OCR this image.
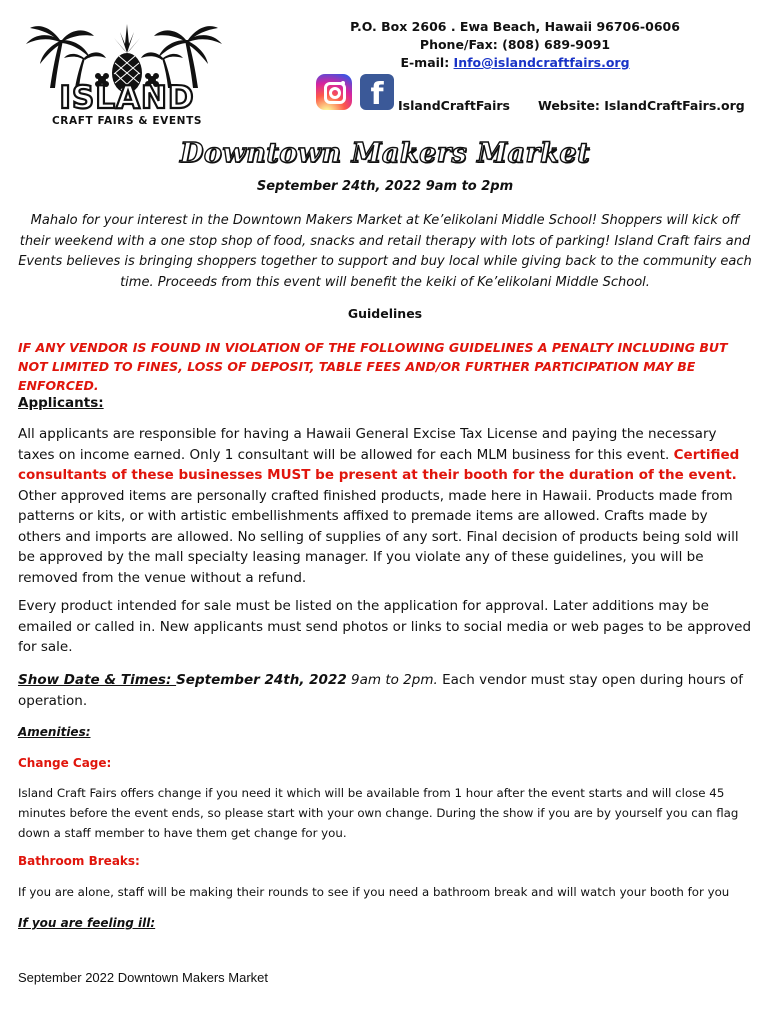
ISLAND
CRAFT FAIRS & EVENTS
P.O. Box 2606 . Ewa Beach, Hawaii 96706-0606
Phone/Fax: (808) 689-9091
E-mail: Info@islandcraftfairs.org
f IslandCraftFairs Website: IslandCraftFairs.org
Downtown Makers Market
September 24th, 2022 9am to 2pm
Mahalo for your interest in the Downtown Makers Market at Ke’elikolani Middle School! Shoppers will kick off their weekend with a one stop shop of food, snacks and retail therapy with lots of parking! Island Craft fairs and Events believes is bringing shoppers together to support and buy local while giving back to the community each time. Proceeds from this event will benefit the keiki of Ke’elikolani Middle School.
Guidelines
IF ANY VENDOR IS FOUND IN VIOLATION OF THE FOLLOWING GUIDELINES A PENALTY INCLUDING BUT NOT LIMITED TO FINES, LOSS OF DEPOSIT, TABLE FEES AND/OR FURTHER PARTICIPATION MAY BE ENFORCED.
Applicants:
All applicants are responsible for having a Hawaii General Excise Tax License and paying the necessary taxes on income earned. Only 1 consultant will be allowed for each MLM business for this event. Certified consultants of these businesses MUST be present at their booth for the duration of the event. Other approved items are personally crafted finished products, made here in Hawaii. Products made from patterns or kits, or with artistic embellishments affixed to premade items are allowed. Crafts made by others and imports are allowed. No selling of supplies of any sort. Final decision of products being sold will be approved by the mall specialty leasing manager. If you violate any of these guidelines, you will be removed from the venue without a refund.
Every product intended for sale must be listed on the application for approval. Later additions may be emailed or called in. New applicants must send photos or links to social media or web pages to be approved for sale.
Show Date & Times: September 24th, 2022 9am to 2pm. Each vendor must stay open during hours of operation.
Amenities:
Change Cage:
Island Craft Fairs offers change if you need it which will be available from 1 hour after the event starts and will close 45 minutes before the event ends, so please start with your own change. During the show if you are by yourself you can flag down a staff member to have them get change for you.
Bathroom Breaks:
If you are alone, staff will be making their rounds to see if you need a bathroom break and will watch your booth for you
If you are feeling ill:
September 2022 Downtown Makers Market
